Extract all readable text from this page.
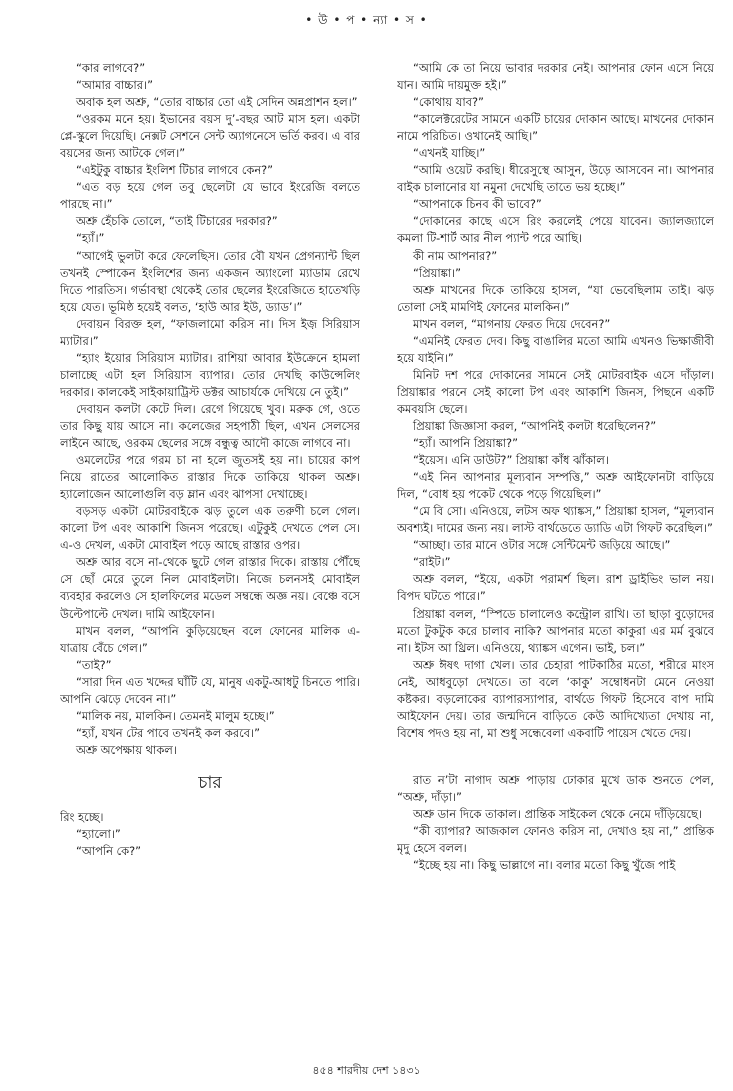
• উ • প • ন্যা • স •

“কার লাগবে?”

“আমার বাচ্চার।”

অবাক হল অশ্রু, “তোর বাচ্চার তো এই সেদিন অন্নপ্রাশন হল।”

“ওরকম মনে হয়। ইভানের বয়স দু’-বছর আট মাস হল। একটা প্লে-স্কুলে দিয়েছি। নেক্সট সেশনে সেন্ট অ্যাগনেসে ভর্তি করব। এ বার বয়সের জন্য আটকে গেল।”

“এইটুকু বাচ্চার ইংলিশ টিচার লাগবে কেন?”

“এত বড় হয়ে গেল তবু ছেলেটা যে ভাবে ইংরেজি বলতে পারছে না।”

অশ্রু হেঁচকি তোলে, “তাই টিচারের দরকার?”

“হ্যাঁ।”

“আগেই ভুলটা করে ফেলেছিস। তোর বৌ যখন প্রেগন্যান্ট ছিল তখনই স্পোকেন ইংলিশের জন্য একজন অ্যাংলো ম্যাডাম রেখে দিতে পারতিস। গর্ভাবস্থা থেকেই তোর ছেলের ইংরেজিতে হাতেখড়ি হয়ে যেত। ভূমিষ্ঠ হয়েই বলত, ‘হাউ আর ইউ, ড্যাড’।”

দেবায়ন বিরক্ত হল, “ফাজলামো করিস না। দিস ইজ় সিরিয়াস ম্যাটার।”

“হ্যাং ইয়োর সিরিয়াস ম্যাটার। রাশিয়া আবার ইউক্রেনে হামলা চালাচ্ছে এটা হল সিরিয়াস ব্যাপার। তোর দেখছি কাউন্সেলিং দরকার। কালকেই সাইকায়াট্রিস্ট ডক্টর আচার্যকে দেখিয়ে নে তুই।”

দেবায়ন কলটা কেটে দিল। রেগে গিয়েছে খুব। মরুক গে, ওতে তার কিছু যায় আসে না। কলেজের সহপাঠী ছিল, এখন সেলসের লাইনে আছে, ওরকম ছেলের সঙ্গে বন্ধুত্ব আদৌ কাজে লাগবে না।

ওমলেটের পরে গরম চা না হলে জুতসই হয় না। চায়ের কাপ নিয়ে রাতের আলোকিত রাস্তার দিকে তাকিয়ে থাকল অশ্রু। হ্যালোজেন আলোগুলি বড় ম্লান এবং ঝাপসা দেখাচ্ছে।

বড়সড় একটা মোটরবাইকে ঝড় তুলে এক তরুণী চলে গেল। কালো টপ এবং আকাশি জিনস পরেছে। এটুকুই দেখতে পেল সে। এ-ও দেখল, একটা মোবাইল পড়ে আছে রাস্তার ওপর।

অশ্রু আর বসে না-থেকে ছুটে গেল রাস্তার দিকে। রাস্তায় পৌঁছে সে ছোঁ মেরে তুলে নিল মোবাইলটা। নিজে চলনসই মোবাইল ব্যবহার করলেও সে হালফিলের মডেল সম্বন্ধে অজ্ঞ নয়। বেঞ্চে বসে উল্টেপাল্টে দেখল। দামি আইফোন।

মাখন বলল, “আপনি কুড়িয়েছেন বলে ফোনের মালিক এ-যাত্রায় বেঁচে গেল।”

“তাই?”

“সারা দিন এত খদ্দের ঘাঁটি যে, মানুষ একটু-আধটু চিনতে পারি। আপনি ঝেড়ে দেবেন না।”

“মালিক নয়, মালকিন। তেমনই মালুম হচ্ছে।”

“হ্যাঁ, যখন টের পাবে তখনই কল করবে।”

অশ্রু অপেক্ষায় থাকল।

চার

রিং হচ্ছে।

“হ্যালো।”

“আপনি কে?”

“আমি কে তা নিয়ে ভাবার দরকার নেই। আপনার ফোন এসে নিয়ে যান। আমি দায়মুক্ত হই।”

“কোথায় যাব?”

“কালেক্টরেটের সামনে একটি চায়ের দোকান আছে। মাখনের দোকান নামে পরিচিত। ওখানেই আছি।”

“এখনই যাচ্ছি।”

“আমি ওয়েট করছি। ধীরেসুস্থে আসুন, উড়ে আসবেন না। আপনার বাইক চালানোর যা নমুনা দেখেছি তাতে ভয় হচ্ছে।”

“আপনাকে চিনব কী ভাবে?”

“দোকানের কাছে এসে রিং করলেই পেয়ে যাবেন। জ্যালজ্যালে কমলা টি-শার্ট আর নীল প্যান্ট পরে আছি।

কী নাম আপনার?”

“প্রিয়াঙ্কা।”

অশ্রু মাখনের দিকে তাকিয়ে হাসল, “যা ভেবেছিলাম তাই। ঝড় তোলা সেই মামণিই ফোনের মালকিন।”

মাখন বলল, “মাগনায় ফেরত দিয়ে দেবেন?”

“এমনিই ফেরত দেব। কিছু বাঙালির মতো আমি এখনও ভিক্ষাজীবী হয়ে যাইনি।”

মিনিট দশ পরে দোকানের সামনে সেই মোটরবাইক এসে দাঁড়াল। প্রিয়াঙ্কার পরনে সেই কালো টপ এবং আকাশি জিনস, পিছনে একটি কমবয়সি ছেলে।

প্রিয়াঙ্কা জিজ্ঞাসা করল, “আপনিই কলটা ধরেছিলেন?”

“হ্যাঁ। আপনি প্রিয়াঙ্কা?”

“ইয়েস। এনি ডাউট?” প্রিয়াঙ্কা কাঁধ ঝাঁকাল।

“এই নিন আপনার মূল্যবান সম্পত্তি,” অশ্রু আইফোনটা বাড়িয়ে দিল, “বোধ হয় পকেট থেকে পড়ে গিয়েছিল।”

“মে বি সো। এনিওয়ে, লটস অফ থ্যাঙ্কস,” প্রিয়াঙ্কা হাসল, “মূল্যবান অবশ্যই। দামের জন্য নয়। লাস্ট বার্থডেতে ড্যাডি এটা গিফট করেছিল।”

“আচ্ছা। তার মানে ওটার সঙ্গে সেন্টিমেন্ট জড়িয়ে আছে।”

“রাইট।”

অশ্রু বলল, “ইয়ে, একটা পরামর্শ ছিল। রাশ ড্রাইভিং ভাল নয়। বিপদ ঘটতে পারে।”

প্রিয়াঙ্কা বলল, “স্পিডে চালালেও কন্ট্রোল রাখি। তা ছাড়া বুড়োদের মতো টুকটুক করে চালাব নাকি? আপনার মতো কাকুরা এর মর্ম বুঝবে না। ইটস আ থ্রিল। এনিওয়ে, থ্যাঙ্কস এগেন। ভাই, চল।”

অশ্রু ঈষৎ দাগা খেল। তার চেহারা পাটকাঠির মতো, শরীরে মাংস নেই, আধবুড়ো দেখতে। তা বলে ‘কাকু’ সম্বোধনটা মেনে নেওয়া কষ্টকর। বড়লোকের ব্যাপারস্যাপার, বার্থডে গিফট হিসেবে বাপ দামি আইফোন দেয়। তার জন্মদিনে বাড়িতে কেউ আদিখ্যেতা দেখায় না, বিশেষ পদও হয় না, মা শুধু সন্ধেবেলা একবাটি পায়েস খেতে দেয়।

রাত ন’টা নাগাদ অশ্রু পাড়ায় ঢোকার মুখে ডাক শুনতে পেল, “অশ্রু, দাঁড়া।”

অশ্রু ডান দিকে তাকাল। প্রান্তিক সাইকেল থেকে নেমে দাঁড়িয়েছে।

“কী ব্যাপার? আজকাল ফোনও করিস না, দেখাও হয় না,” প্রান্তিক মৃদু হেসে বলল।

“ইচ্ছে হয় না। কিছু ভাল্লাগে না। বলার মতো কিছু খুঁজে পাই

৪৫৪ শারদীয় দেশ ১৪৩১
